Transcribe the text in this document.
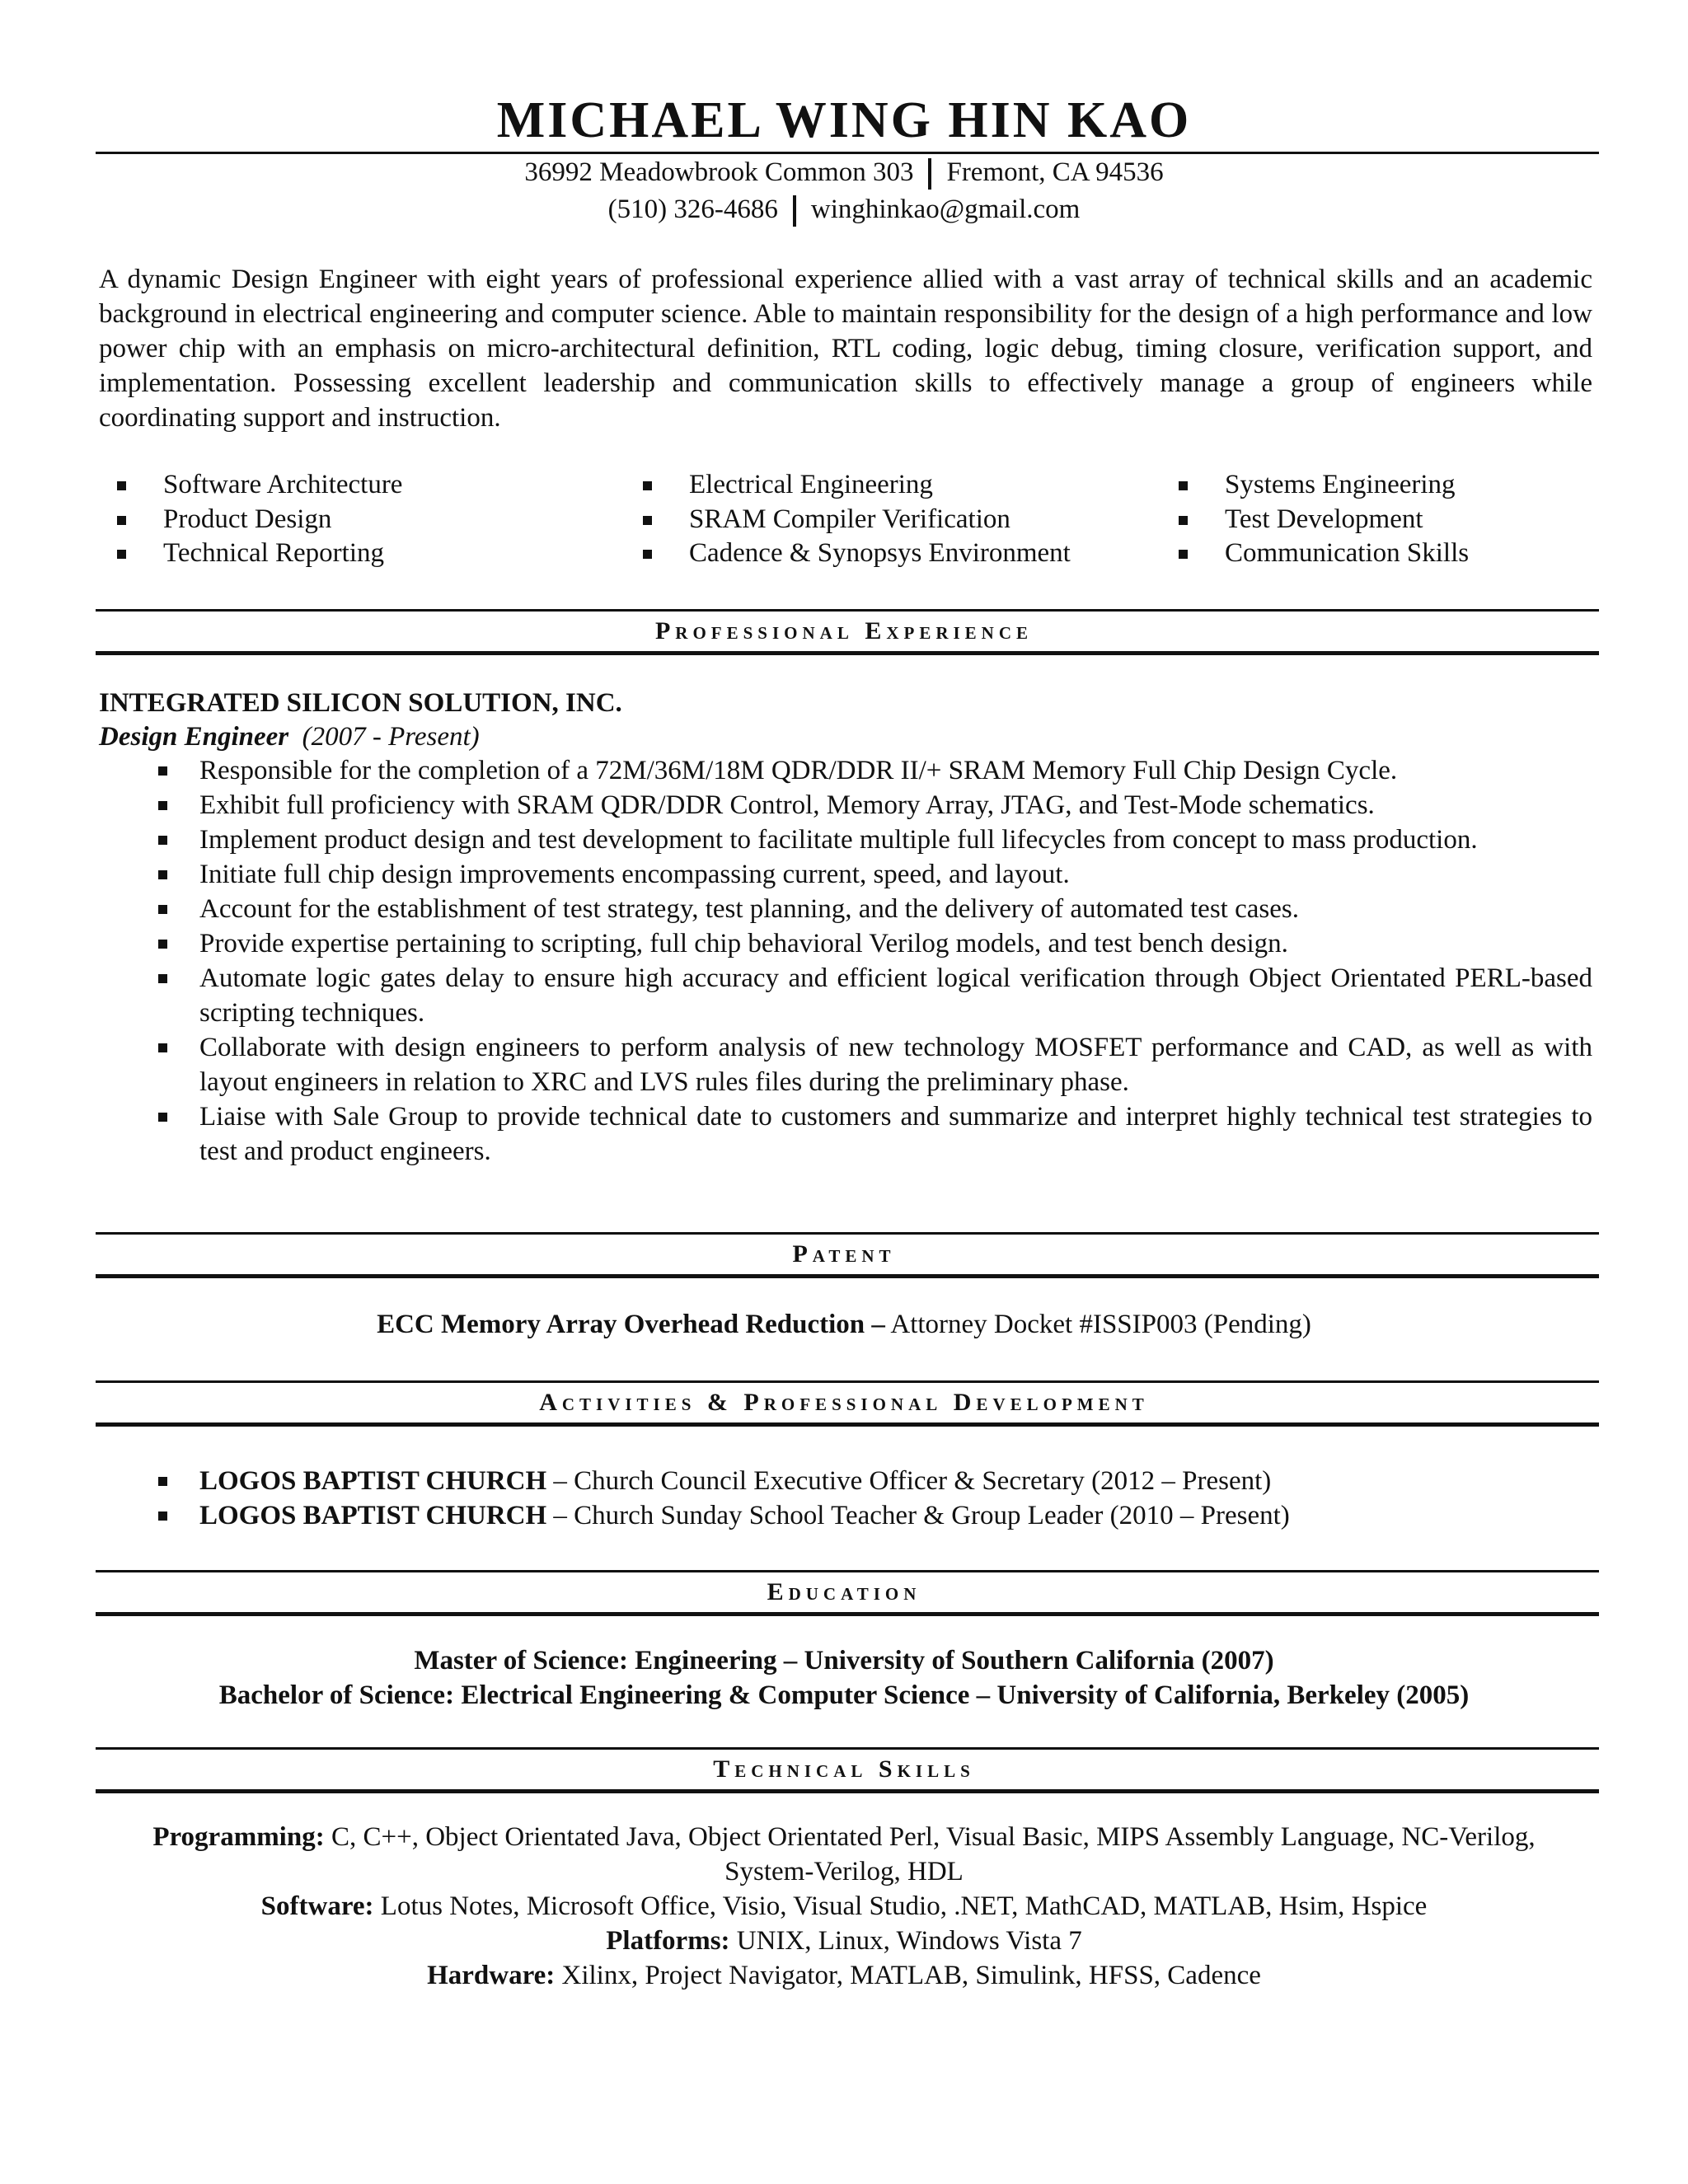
MICHAEL WING HIN KAO
36992 Meadowbrook Common 303 Fremont, CA 94536
(510) 326-4686 winghinkao@gmail.com

A dynamic Design Engineer with eight years of professional experience allied with a vast array of technical skills and an academic background in electrical engineering and computer science. Able to maintain responsibility for the design of a high performance and low power chip with an emphasis on micro-architectural definition, RTL coding, logic debug, timing closure, verification support, and implementation. Possessing excellent leadership and communication skills to effectively manage a group of engineers while coordinating support and instruction.

Software Architecture
Product Design
Technical Reporting
Electrical Engineering
SRAM Compiler Verification
Cadence & Synopsys Environment
Systems Engineering
Test Development
Communication Skills
Professional Experience
INTEGRATED SILICON SOLUTION, INC.
Design Engineer (2007 - Present)
Responsible for the completion of a 72M/36M/18M QDR/DDR II/+ SRAM Memory Full Chip Design Cycle.
Exhibit full proficiency with SRAM QDR/DDR Control, Memory Array, JTAG, and Test-Mode schematics.
Implement product design and test development to facilitate multiple full lifecycles from concept to mass production.
Initiate full chip design improvements encompassing current, speed, and layout.
Account for the establishment of test strategy, test planning, and the delivery of automated test cases.
Provide expertise pertaining to scripting, full chip behavioral Verilog models, and test bench design.
Automate logic gates delay to ensure high accuracy and efficient logical verification through Object Orientated PERL-based scripting techniques.
Collaborate with design engineers to perform analysis of new technology MOSFET performance and CAD, as well as with layout engineers in relation to XRC and LVS rules files during the preliminary phase.
Liaise with Sale Group to provide technical date to customers and summarize and interpret highly technical test strategies to test and product engineers.
Patent
ECC Memory Array Overhead Reduction – Attorney Docket #ISSIP003 (Pending)
Activities & Professional Development
LOGOS BAPTIST CHURCH – Church Council Executive Officer & Secretary (2012 – Present)
LOGOS BAPTIST CHURCH – Church Sunday School Teacher & Group Leader (2010 – Present)
Education
Master of Science: Engineering – University of Southern California (2007)
Bachelor of Science: Electrical Engineering & Computer Science – University of California, Berkeley (2005)
Technical Skills
Programming: C, C++, Object Orientated Java, Object Orientated Perl, Visual Basic, MIPS Assembly Language, NC-Verilog, System-Verilog, HDL
Software: Lotus Notes, Microsoft Office, Visio, Visual Studio, .NET, MathCAD, MATLAB, Hsim, Hspice
Platforms: UNIX, Linux, Windows Vista 7
Hardware: Xilinx, Project Navigator, MATLAB, Simulink, HFSS, Cadence
